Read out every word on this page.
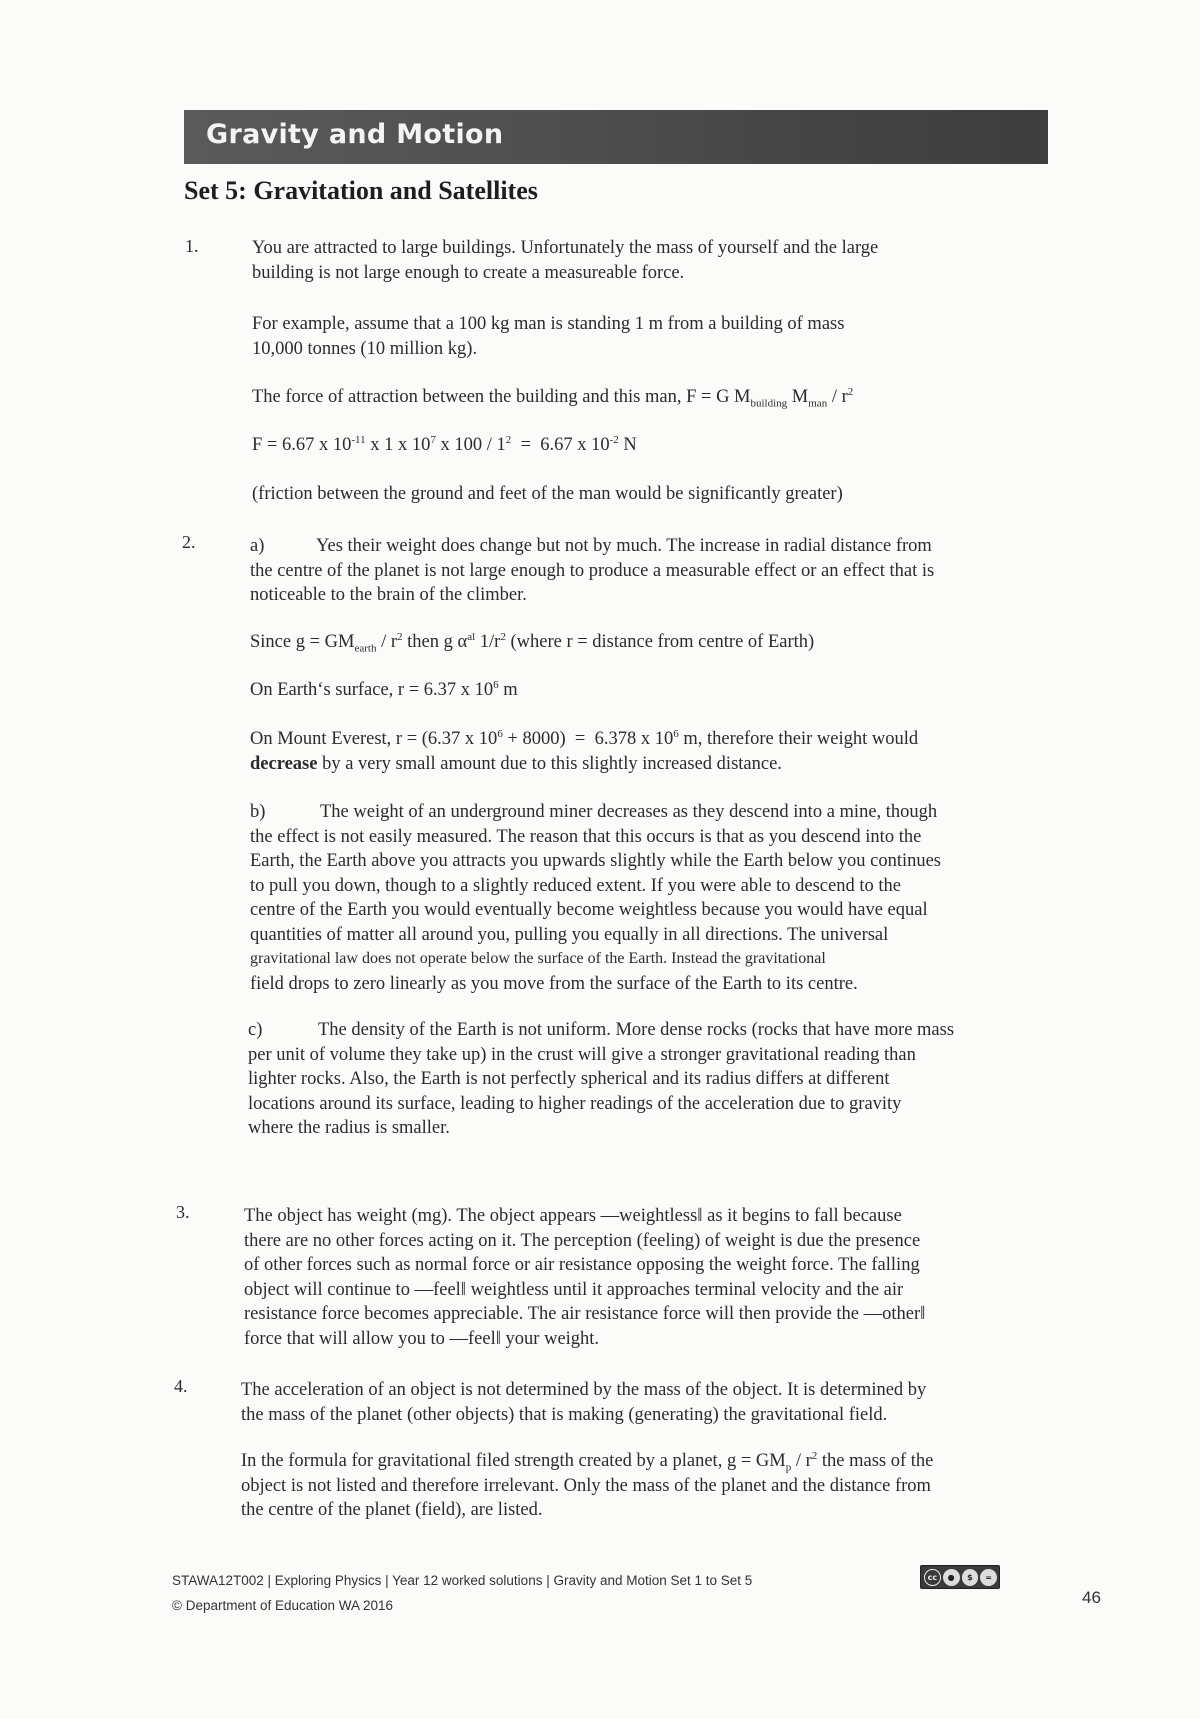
Gravity and Motion
Set 5: Gravitation and Satellites
1.	You are attracted to large buildings. Unfortunately the mass of yourself and the large
building is not large enough to create a measureable force.
For example, assume that a 100 kg man is standing 1 m from a building of mass
10,000 tonnes (10 million kg).
The force of attraction between the building and this man, F = G $M_{building}$ $M_{man} / r^2$
F = 6.67 x $10^{-11}$ x 1 x $10^7$ x $100 / 1^2 = 6.67$ x $10^{-2}$ N
(friction between the ground and feet of the man would be significantly greater)
2.	a)	Yes their weight does change but not by much. The increase in radial distance from
the centre of the planet is not large enough to produce a measurable effect or an effect that is
noticeable to the brain of the climber.
Since $g = GM_{earth} / r^2$ then g $\alpha^{al}$ $1/r^2$ (where r = distance from centre of Earth)
On Earth‘s surface, r = 6.37 x $10^6$ m
On Mount Everest, r = (6.37 x $10^6 + 8000) = 6.378$ x $10^6$ m, therefore their weight would
decrease by a very small amount due to this slightly increased distance.
b)	The weight of an underground miner decreases as they descend into a mine, though
the effect is not easily measured. The reason that this occurs is that as you descend into the
Earth, the Earth above you attracts you upwards slightly while the Earth below you continues
to pull you down, though to a slightly reduced extent. If you were able to descend to the
centre of the Earth you would eventually become weightless because you would have equal
quantities of matter all around you, pulling you equally in all directions. The universal
gravitational law does not operate below the surface of the Earth. Instead the gravitational
field drops to zero linearly as you move from the surface of the Earth to its centre.
c)	The density of the Earth is not uniform. More dense rocks (rocks that have more mass
per unit of volume they take up) in the crust will give a stronger gravitational reading than
lighter rocks. Also, the Earth is not perfectly spherical and its radius differs at different
locations around its surface, leading to higher readings of the acceleration due to gravity
where the radius is smaller.
3.	The object has weight (mg). The object appears ―weightless‖ as it begins to fall because
there are no other forces acting on it. The perception (feeling) of weight is due the presence
of other forces such as normal force or air resistance opposing the weight force. The falling
object will continue to ―feel‖ weightless until it approaches terminal velocity and the air
resistance force becomes appreciable. The air resistance force will then provide the ―other‖
force that will allow you to ―feel‖ your weight.
4.	The acceleration of an object is not determined by the mass of the object. It is determined by
the mass of the planet (other objects) that is making (generating) the gravitational field.
In the formula for gravitational filed strength created by a planet, $g = GM_p / r^2$ the mass of the
object is not listed and therefore irrelevant. Only the mass of the planet and the distance from
the centre of the planet (field), are listed.
STAWA12T002 | Exploring Physics | Year 12 worked solutions | Gravity and Motion Set 1 to Set 5
© Department of Education WA 2016
cc	●	$	=
46
